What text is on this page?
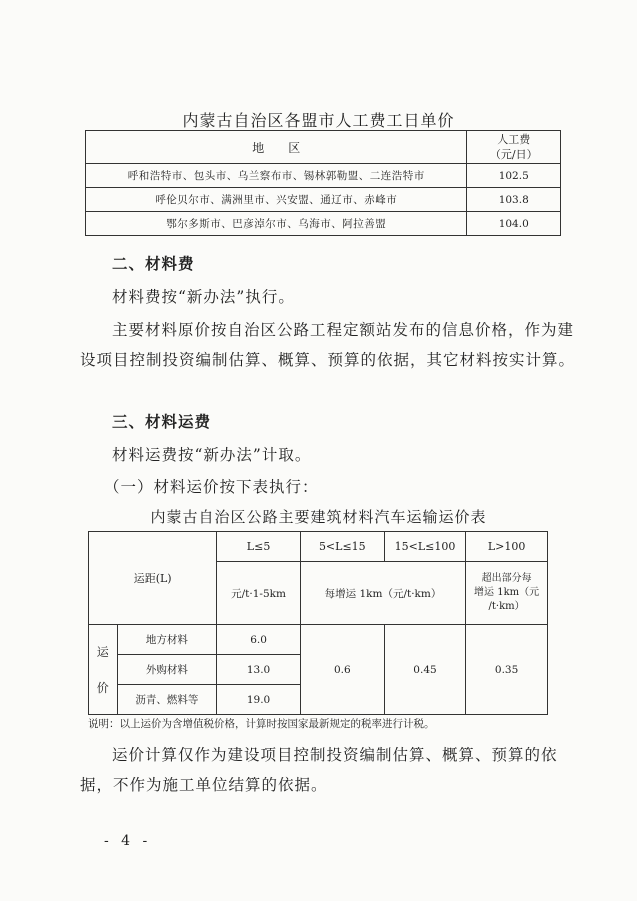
内蒙古自治区各盟市人工费工日单价
地　　区	人工费
（元/日）

呼和浩特市、包头市、乌兰察布市、锡林郭勒盟、二连浩特市	102.5
呼伦贝尔市、满洲里市、兴安盟、通辽市、赤峰市	103.8
鄂尔多斯市、巴彦淖尔市、乌海市、阿拉善盟	104.0
二、材料费
材料费按“新办法”执行。
主要材料原价按自治区公路工程定额站发布的信息价格，作为建设项目控制投资编制估算、概算、预算的依据，其它材料按实计算。
三、材料运费
材料运费按“新办法”计取。
（一）材料运价按下表执行：
内蒙古自治区公路主要建筑材料汽车运输运价表
运距(L)		L≤5	5<L≤15	15<L≤100	L>100
		元/t·1-5km	每增运 1km（元/t·km）		超出部分每
增运 1km（元
/t·km）

运
价	地方材料	6.0	0.6	0.45	0.35
	外购材料	13.0			
	沥青、燃料等	19.0			
说明：以上运价为含增值税价格，计算时按国家最新规定的税率进行计税。
运价计算仅作为建设项目控制投资编制估算、概算、预算的依据，不作为施工单位结算的依据。
- 4 -
